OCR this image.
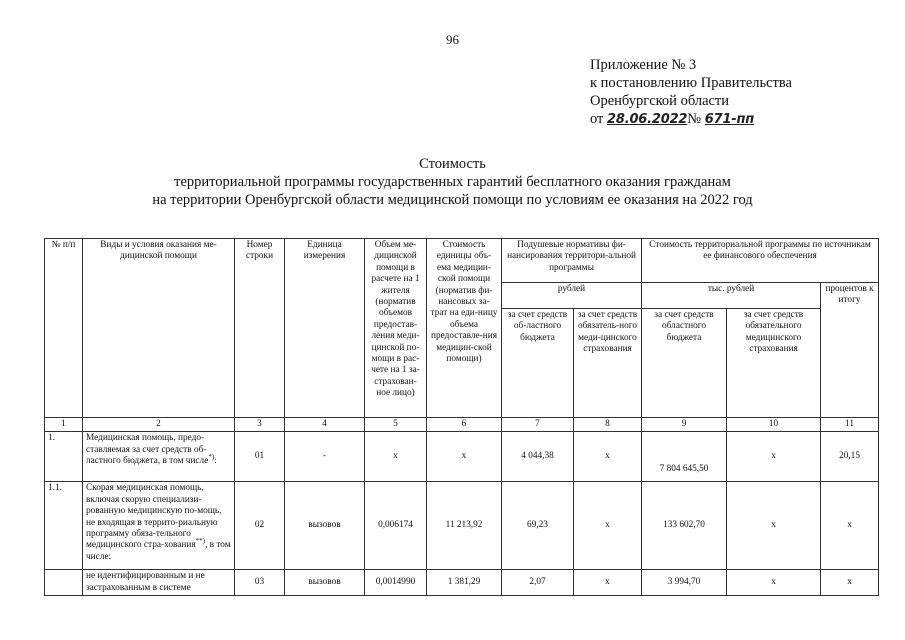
96
Приложение № 3
к постановлению Правительства
Оренбургской области
от 28.06.2022№ 671-пп
Стоимость
территориальной программы государственных гарантий бесплатного оказания гражданам
на территории Оренбургской области медицинской помощи по условиям ее оказания на 2022 год
№ п/п	Виды и условия оказания ме-дицинской помощи	Номер строки	Единица измерения	Объем ме-дицинской помощи в расчете на 1 жителя (норматив объемов предостав-ления меди-цинской по-мощи в рас-чете на 1 за-страхован-ное лицо)	Стоимость единицы объ-ема медицин-ской помощи (норматив фи-нансовых за-трат на еди-ницу объема предоставле-ния медицин-ской помощи)	Подушевые нормативы фи-нансирования территори-альной программы		Стоимость территориальной программы по источникам ее финансового обеспечения		
						рублей		тыс. рублей		процентов к итогу
						за счет средств об-ластного бюджета	за счет средств обязатель-ного меди-цинского страхования	за счет средств областного бюджета	за счет средств обязательного медицинского страхования	
1	2	3	4	5	6	7	8	9	10	11
1.	Медицинская помощь, предо-ставляемая за счет средств об-ластного бюджета, в том числе*):	01	-	х	х	4 044,38	х	7 804 645,50	х	20,15
1.1.	Скорая медицинская помощь, включая скорую специализи-рованную медицинскую по-мощь, не входящая в террито-риальную программу обяза-тельного медицинского стра-хования**), в том числе:	02	вызовов	0,006174	11 213,92	69,23	х	133 602,70	х	х
	не идентифицированным и не застрахованным в системе	03	вызовов	0,0014990	1 381,29	2,07	х	3 994,70	х	х
